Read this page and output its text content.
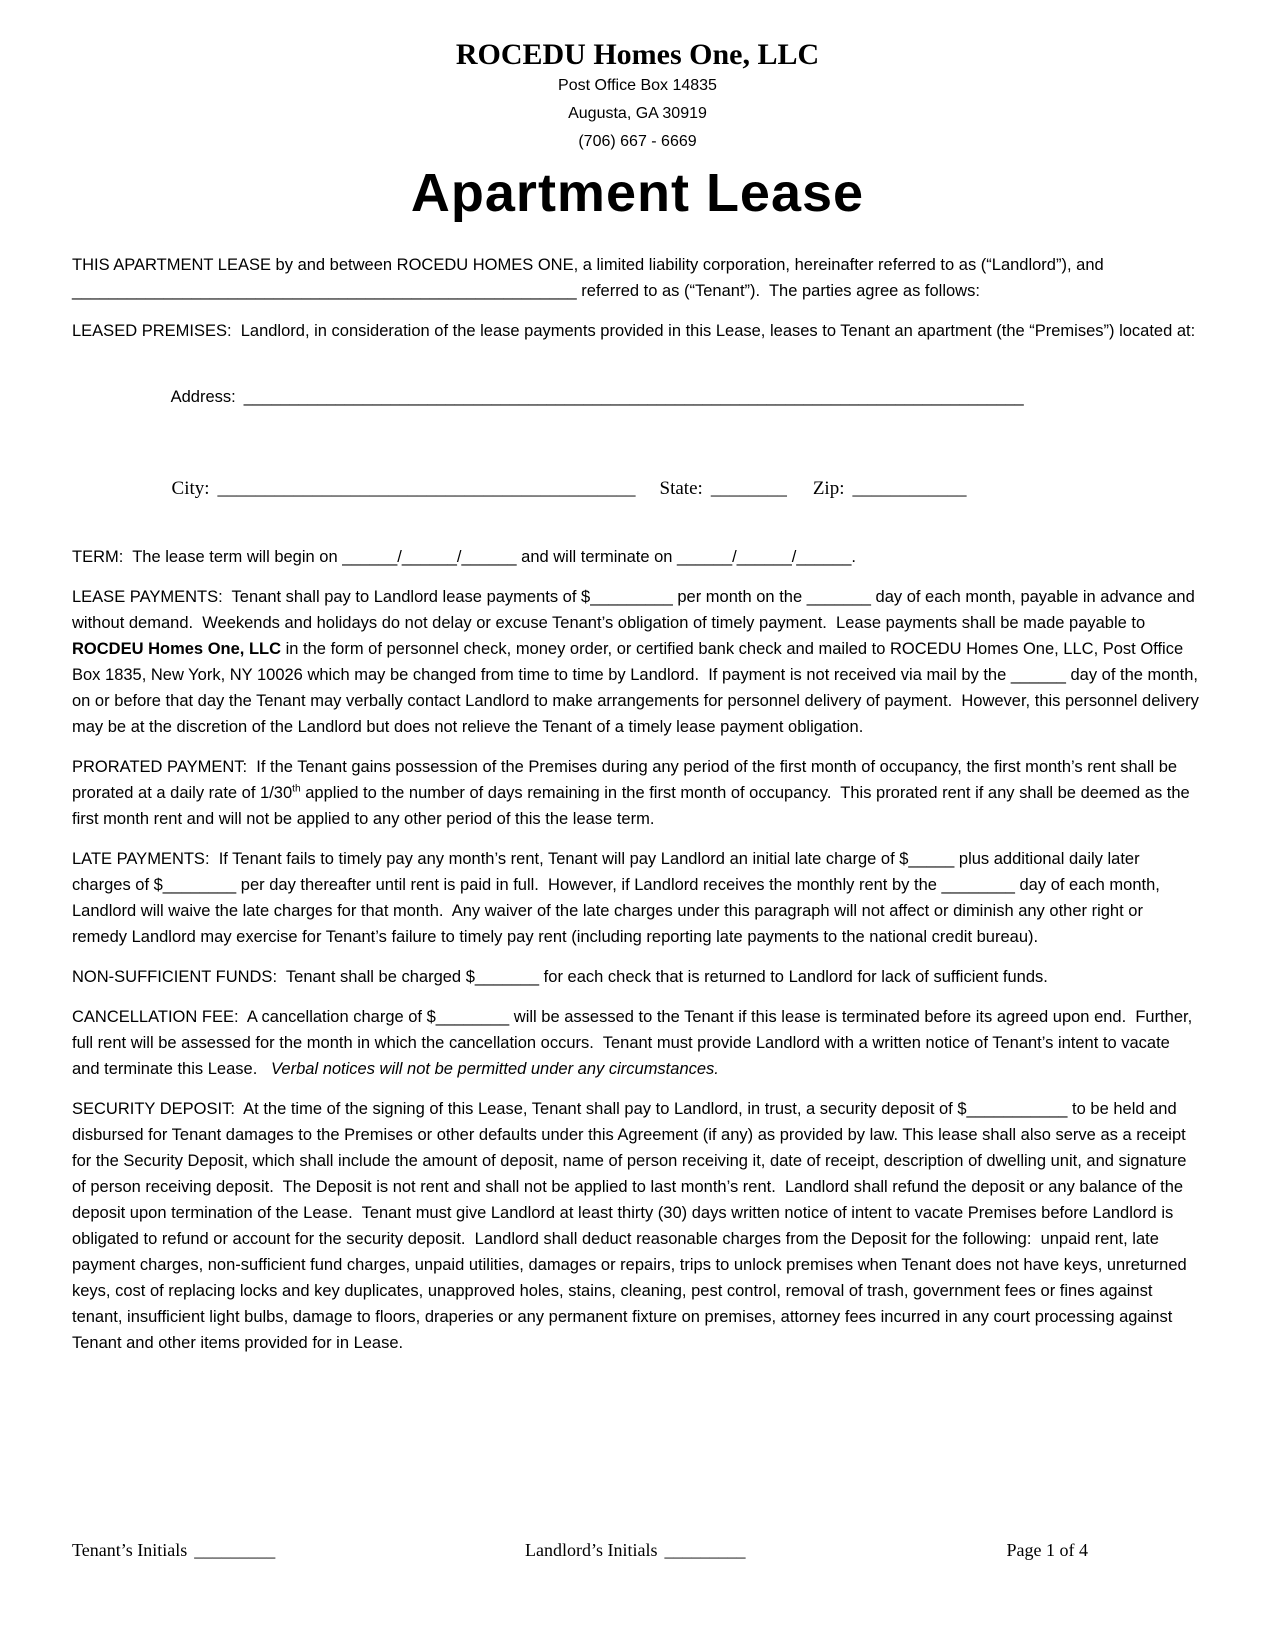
ROCEDU Homes One, LLC
Post Office Box 14835
Augusta, GA 30919
(706) 667 - 6669
Apartment Lease

THIS APARTMENT LEASE by and between ROCEDU HOMES ONE, a limited liability corporation, hereinafter referred to as (“Landlord”), and _______________________________________________________ referred to as (“Tenant”).  The parties agree as follows:

LEASED PREMISES:  Landlord, in consideration of the lease payments provided in this Lease, leases to Tenant an apartment (the “Premises”) located at:

Address: _____________________________________________________________________________________

City: ____________________________________________ State: ________ Zip: ____________

TERM:  The lease term will begin on ______/______/______ and will terminate on ______/______/______.

LEASE PAYMENTS:  Tenant shall pay to Landlord lease payments of $_________ per month on the _______ day of each month, payable in advance and without demand.  Weekends and holidays do not delay or excuse Tenant’s obligation of timely payment.  Lease payments shall be made payable to ROCDEU Homes One, LLC in the form of personnel check, money order, or certified bank check and mailed to ROCEDU Homes One, LLC, Post Office Box 1835, New York, NY 10026 which may be changed from time to time by Landlord.  If payment is not received via mail by the ______ day of the month, on or before that day the Tenant may verbally contact Landlord to make arrangements for personnel delivery of payment.  However, this personnel delivery may be at the discretion of the Landlord but does not relieve the Tenant of a timely lease payment obligation.

PRORATED PAYMENT:  If the Tenant gains possession of the Premises during any period of the first month of occupancy, the first month’s rent shall be prorated at a daily rate of 1/30th applied to the number of days remaining in the first month of occupancy.  This prorated rent if any shall be deemed as the first month rent and will not be applied to any other period of this the lease term.

LATE PAYMENTS:  If Tenant fails to timely pay any month’s rent, Tenant will pay Landlord an initial late charge of $_____ plus additional daily later charges of $________ per day thereafter until rent is paid in full.  However, if Landlord receives the monthly rent by the ________ day of each month, Landlord will waive the late charges for that month.  Any waiver of the late charges under this paragraph will not affect or diminish any other right or remedy Landlord may exercise for Tenant’s failure to timely pay rent (including reporting late payments to the national credit bureau).

NON-SUFFICIENT FUNDS:  Tenant shall be charged $_______ for each check that is returned to Landlord for lack of sufficient funds.

CANCELLATION FEE:  A cancellation charge of $________ will be assessed to the Tenant if this lease is terminated before its agreed upon end.  Further, full rent will be assessed for the month in which the cancellation occurs.  Tenant must provide Landlord with a written notice of Tenant’s intent to vacate and terminate this Lease.   Verbal notices will not be permitted under any circumstances.

SECURITY DEPOSIT:  At the time of the signing of this Lease, Tenant shall pay to Landlord, in trust, a security deposit of $___________ to be held and disbursed for Tenant damages to the Premises or other defaults under this Agreement (if any) as provided by law. This lease shall also serve as a receipt for the Security Deposit, which shall include the amount of deposit, name of person receiving it, date of receipt, description of dwelling unit, and signature of person receiving deposit.  The Deposit is not rent and shall not be applied to last month’s rent.  Landlord shall refund the deposit or any balance of the deposit upon termination of the Lease.  Tenant must give Landlord at least thirty (30) days written notice of intent to vacate Premises before Landlord is obligated to refund or account for the security deposit.  Landlord shall deduct reasonable charges from the Deposit for the following:  unpaid rent, late payment charges, non-sufficient fund charges, unpaid utilities, damages or repairs, trips to unlock premises when Tenant does not have keys, unreturned keys, cost of replacing locks and key duplicates, unapproved holes, stains, cleaning, pest control, removal of trash, government fees or fines against tenant, insufficient light bulbs, damage to floors, draperies or any permanent fixture on premises, attorney fees incurred in any court processing against Tenant and other items provided for in Lease.

Tenant’s Initials _________

	Landlord’s Initials _________

	Page 1 of 4
